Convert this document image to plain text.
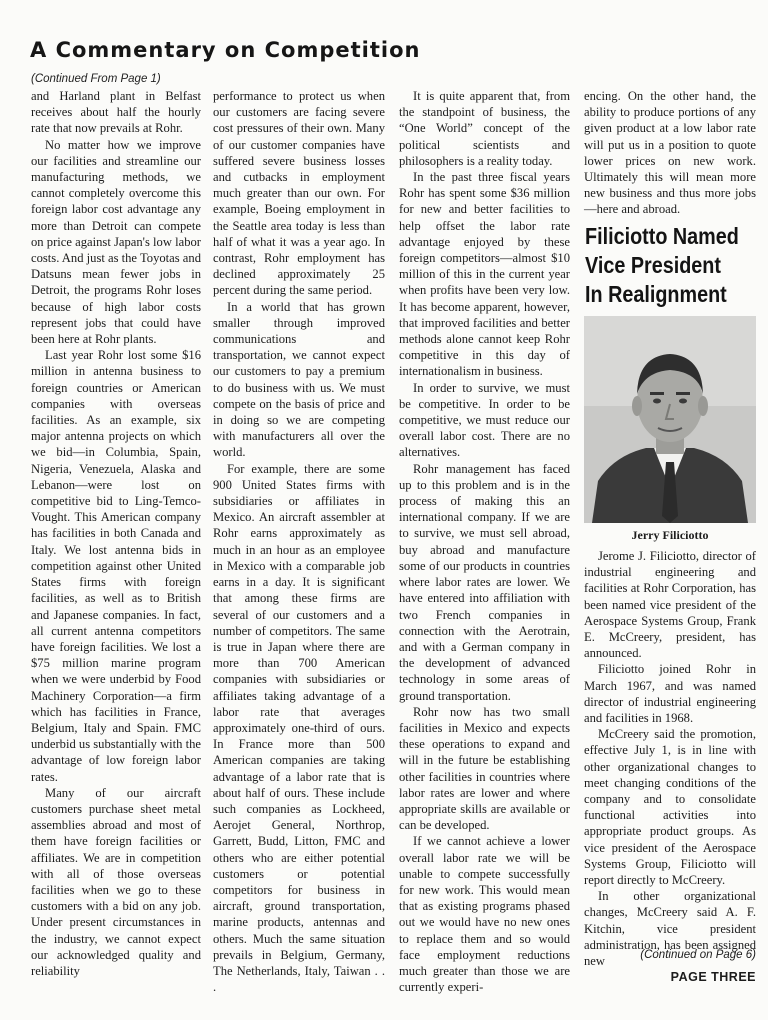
A Commentary on Competition
(Continued From Page 1)

and Harland plant in Belfast receives about half the hourly rate that now prevails at Rohr.

No matter how we improve our facilities and streamline our manufacturing methods, we cannot completely overcome this foreign labor cost advantage any more than Detroit can compete on price against Japan's low labor costs. And just as the Toyotas and Datsuns mean fewer jobs in Detroit, the programs Rohr loses because of high labor costs represent jobs that could have been here at Rohr plants.

Last year Rohr lost some $16 million in antenna business to foreign countries or American companies with overseas facilities. As an example, six major antenna projects on which we bid—in Columbia, Spain, Nigeria, Venezuela, Alaska and Lebanon—were lost on competitive bid to Ling-Temco-Vought. This American company has facilities in both Canada and Italy. We lost antenna bids in competition against other United States firms with foreign facilities, as well as to British and Japanese companies. In fact, all current antenna competitors have foreign facilities. We lost a $75 million marine program when we were underbid by Food Machinery Corporation—a firm which has facilities in France, Belgium, Italy and Spain. FMC underbid us substantially with the advantage of low foreign labor rates.

Many of our aircraft customers purchase sheet metal assemblies abroad and most of them have foreign facilities or affiliates. We are in competition with all of those overseas facilities when we go to these customers with a bid on any job. Under present circumstances in the industry, we cannot expect our acknowledged quality and reliability

performance to protect us when our customers are facing severe cost pressures of their own. Many of our customer companies have suffered severe business losses and cutbacks in employment much greater than our own. For example, Boeing employment in the Seattle area today is less than half of what it was a year ago. In contrast, Rohr employment has declined approximately 25 percent during the same period.

In a world that has grown smaller through improved communications and transportation, we cannot expect our customers to pay a premium to do business with us. We must compete on the basis of price and in doing so we are competing with manufacturers all over the world.

For example, there are some 900 United States firms with subsidiaries or affiliates in Mexico. An aircraft assembler at Rohr earns approximately as much in an hour as an employee in Mexico with a comparable job earns in a day. It is significant that among these firms are several of our customers and a number of competitors. The same is true in Japan where there are more than 700 American companies with subsidiaries or affiliates taking advantage of a labor rate that averages approximately one-third of ours. In France more than 500 American companies are taking advantage of a labor rate that is about half of ours. These include such companies as Lockheed, Aerojet General, Northrop, Garrett, Budd, Litton, FMC and others who are either potential customers or potential competitors for business in aircraft, ground transportation, marine products, antennas and others. Much the same situation prevails in Belgium, Germany, The Netherlands, Italy, Taiwan . . .

It is quite apparent that, from the standpoint of business, the “One World” concept of the political scientists and philosophers is a reality today.

In the past three fiscal years Rohr has spent some $36 million for new and better facilities to help offset the labor rate advantage enjoyed by these foreign competitors—almost $10 million of this in the current year when profits have been very low. It has become apparent, however, that improved facilities and better methods alone cannot keep Rohr competitive in this day of internationalism in business.

In order to survive, we must be competitive. In order to be competitive, we must reduce our overall labor cost. There are no alternatives.

Rohr management has faced up to this problem and is in the process of making this an international company. If we are to survive, we must sell abroad, buy abroad and manufacture some of our products in countries where labor rates are lower. We have entered into affiliation with two French companies in connection with the Aerotrain, and with a German company in the development of advanced technology in some areas of ground transportation.

Rohr now has two small facilities in Mexico and expects these operations to expand and will in the future be establishing other facilities in countries where labor rates are lower and where appropriate skills are available or can be developed.

If we cannot achieve a lower overall labor rate we will be unable to compete successfully for new work. This would mean that as existing programs phased out we would have no new ones to replace them and so would face employment reductions much greater than those we are currently experi-

encing. On the other hand, the ability to produce portions of any given product at a low labor rate will put us in a position to quote lower prices on new work. Ultimately this will mean more new business and thus more jobs—here and abroad.

Filiciotto Named
Vice President
In Realignment
Jerry Filiciotto

Jerome J. Filiciotto, director of industrial engineering and facilities at Rohr Corporation, has been named vice president of the Aerospace Systems Group, Frank E. McCreery, president, has announced.

Filiciotto joined Rohr in March 1967, and was named director of industrial engineering and facilities in 1968.

McCreery said the promotion, effective July 1, is in line with other organizational changes to meet changing conditions of the company and to consolidate functional activities into appropriate product groups. As vice president of the Aerospace Systems Group, Filiciotto will report directly to McCreery.

In other organizational changes, McCreery said A. F. Kitchin, vice president administration, has been assigned new	(Continued on Page 6)
PAGE THREE
